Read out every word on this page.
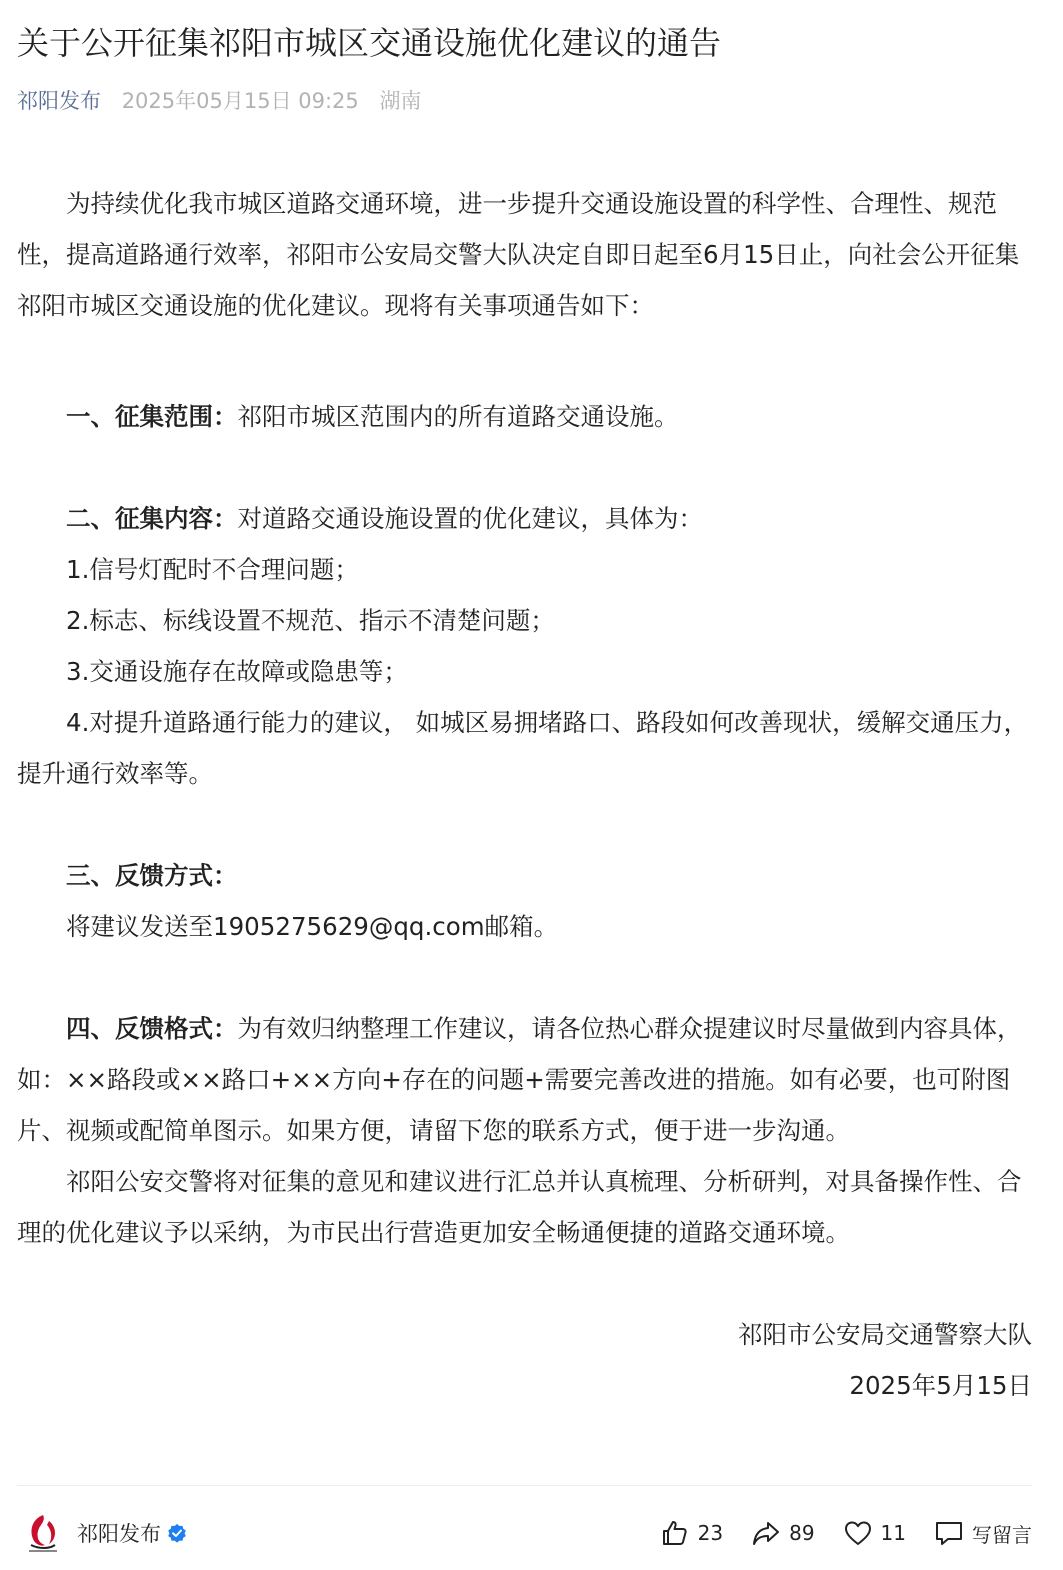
关于公开征集祁阳市城区交通设施优化建议的通告
祁阳发布 2025年05月15日 09:25 湖南

为持续优化我市城区道路交通环境，进一步提升交通设施设置的科学性、合理性、规范性，提高道路通行效率，祁阳市公安局交警大队决定自即日起至6月15日止，向社会公开征集祁阳市城区交通设施的优化建议。现将有关事项通告如下：

一、征集范围：祁阳市城区范围内的所有道路交通设施。

二、征集内容：对道路交通设施设置的优化建议，具体为：

1.信号灯配时不合理问题；

2.标志、标线设置不规范、指示不清楚问题；

3.交通设施存在故障或隐患等；

4.对提升道路通行能力的建议， 如城区易拥堵路口、路段如何改善现状，缓解交通压力，提升通行效率等。

三、反馈方式：

将建议发送至1905275629@qq.com邮箱。

四、反馈格式：为有效归纳整理工作建议，请各位热心群众提建议时尽量做到内容具体，如：××路段或××路口+××方向+存在的问题+需要完善改进的措施。如有必要，也可附图片、视频或配简单图示。如果方便，请留下您的联系方式，便于进一步沟通。

祁阳公安交警将对征集的意见和建议进行汇总并认真梳理、分析研判，对具备操作性、合理的优化建议予以采纳，为市民出行营造更加安全畅通便捷的道路交通环境。

祁阳市公安局交通警察大队

2025年5月15日

祁阳发布	23	89	11	写留言
